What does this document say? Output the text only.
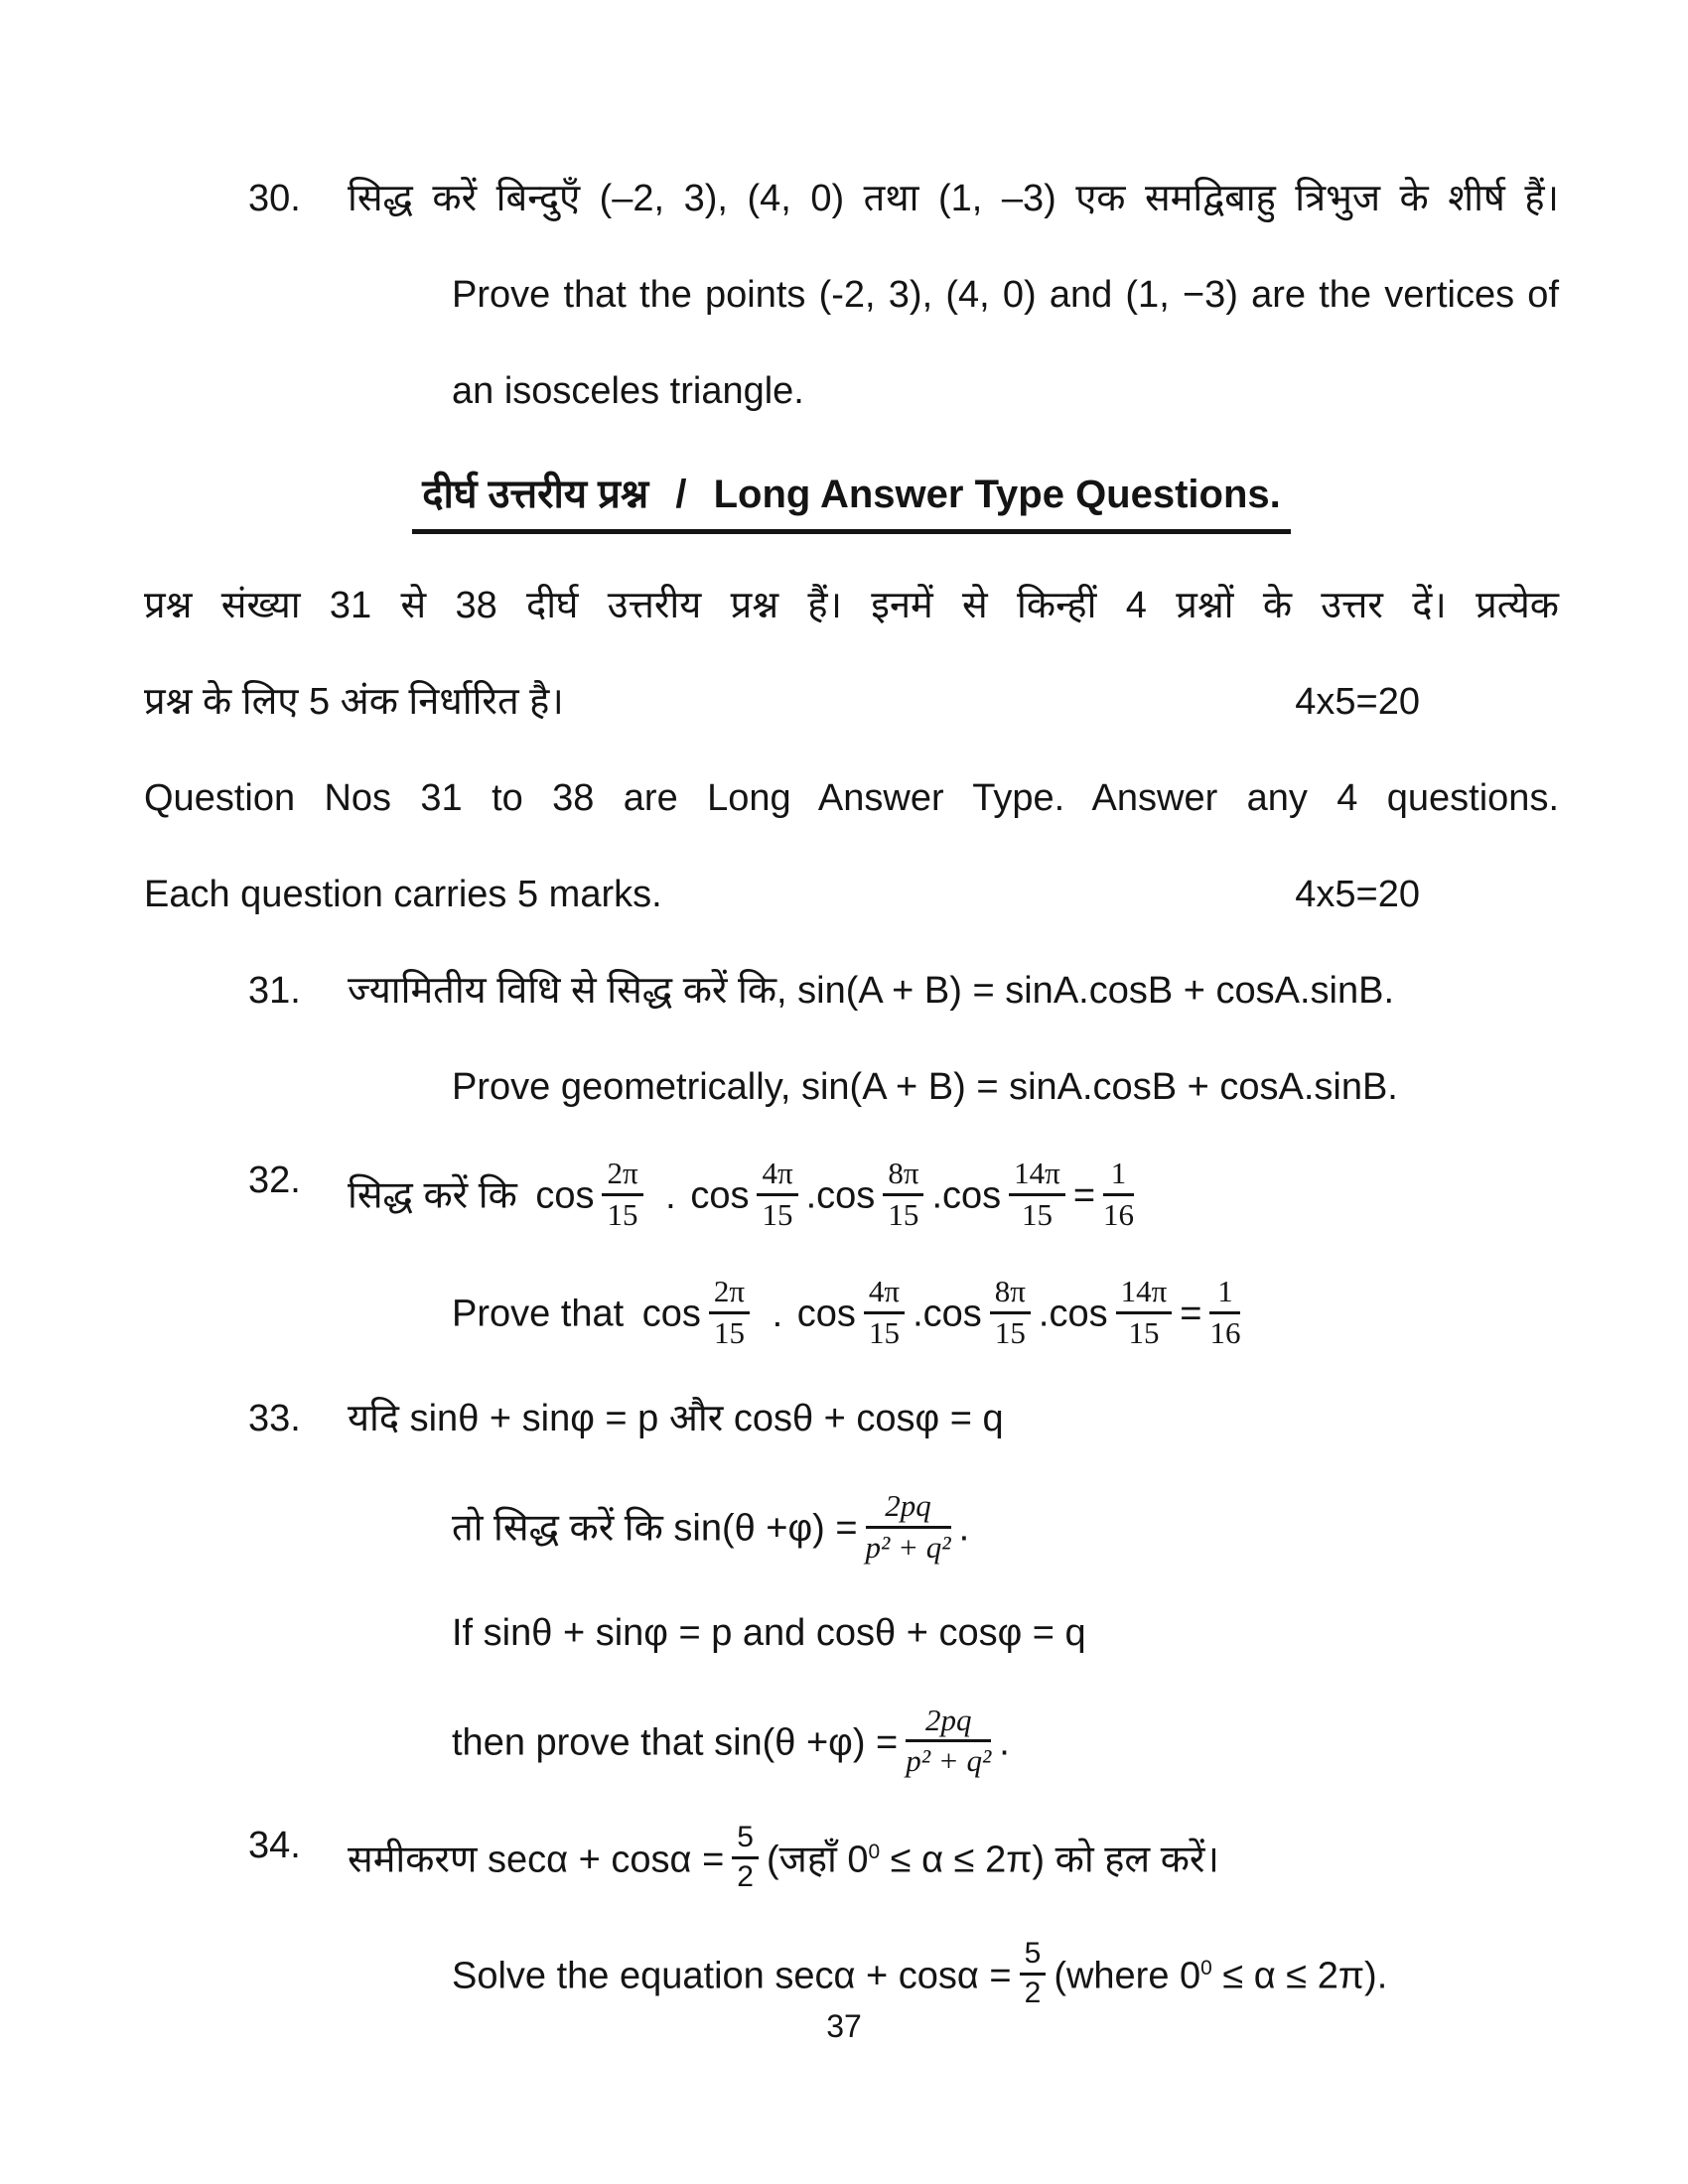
30.	सिद्ध करें बिन्दुएँ (–2, 3), (4, 0) तथा (1, –3) एक समद्विबाहु त्रिभुज के शीर्ष हैं।
Prove that the points (-2, 3), (4, 0) and (1, −3) are the vertices of
an isosceles triangle.
दीर्घ उत्तरीय प्रश्न / Long Answer Type Questions.
प्रश्न संख्या 31 से 38 दीर्घ उत्तरीय प्रश्न हैं। इनमें से किन्हीं 4 प्रश्नों के उत्तर दें। प्रत्येक
प्रश्न के लिए 5 अंक निर्धारित है।	4x5=20
Question Nos 31 to 38 are Long Answer Type. Answer any 4 questions.
Each question carries 5 marks.	4x5=20
31.	ज्यामितीय विधि से सिद्ध करें कि, sin(A + B) = sinA.cosB + cosA.sinB.
Prove geometrically, sin(A + B) = sinA.cosB + cosA.sinB.
32.	सिद्ध करें कि $\cos \frac{2\pi}{15}$ . $\cos \frac{4\pi}{15} .\cos \frac{8\pi}{15} .\cos \frac{14\pi}{15} = \frac{1}{16}$
Prove that $\cos \frac{2\pi}{15}$ . $\cos \frac{4\pi}{15} .\cos \frac{8\pi}{15} .\cos \frac{14\pi}{15} = \frac{1}{16}$
33.	यदि sinθ + sinφ = p और cosθ + cosφ = q
तो सिद्ध करें कि $\sin(\theta +\varphi) = \frac{2pq}{\text{p² + q²}}$ .
If sinθ + sinφ = p and cosθ + cosφ = q
then prove that $\sin(\theta +\varphi) = \frac{2pq}{\text{p² + q²}}$ .
34.	समीकरण $\sec\alpha + \cos\alpha = \frac{5}{2}$ (जहाँ $0^0 \le \alpha \le 2\pi$) को हल करें।
Solve the equation $\sec\alpha + \cos\alpha = \frac{5}{2}$ (where $0^0 \le \alpha \le 2\pi$).
37
